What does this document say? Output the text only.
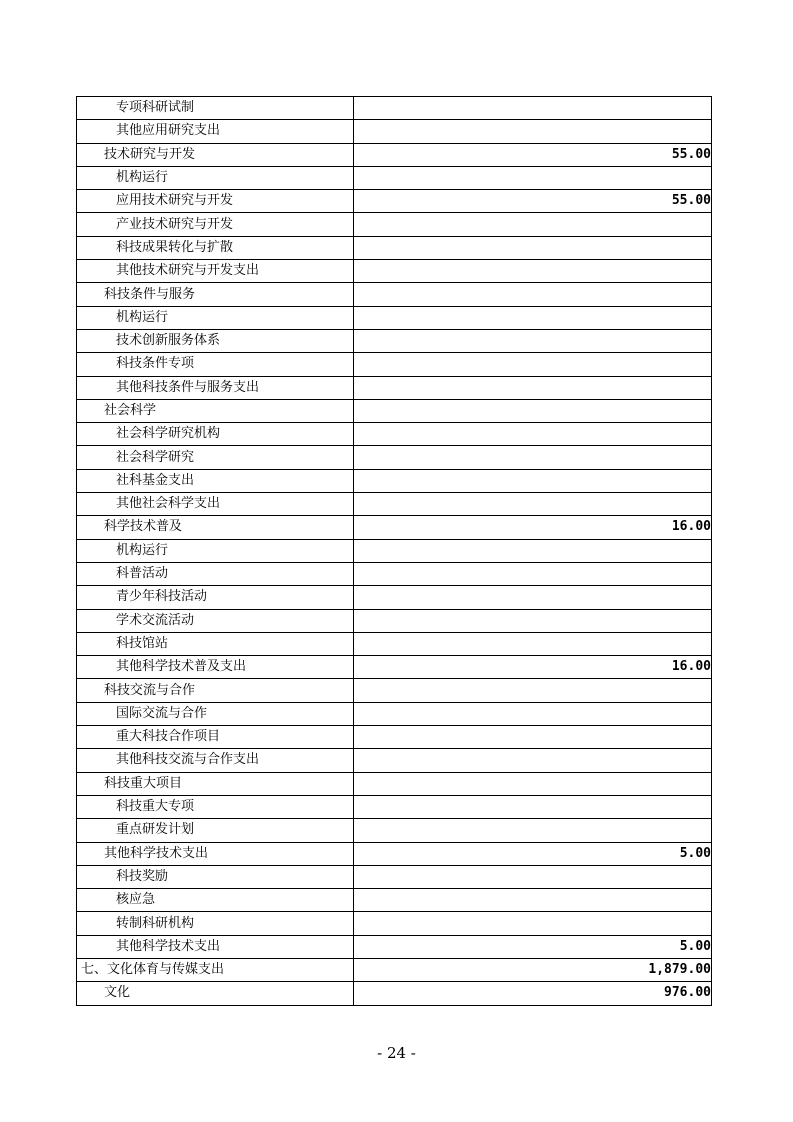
专项科研试制	
其他应用研究支出	
技术研究与开发	55.00
机构运行	
应用技术研究与开发	55.00
产业技术研究与开发	
科技成果转化与扩散	
其他技术研究与开发支出	
科技条件与服务	
机构运行	
技术创新服务体系	
科技条件专项	
其他科技条件与服务支出	
社会科学	
社会科学研究机构	
社会科学研究	
社科基金支出	
其他社会科学支出	
科学技术普及	16.00
机构运行	
科普活动	
青少年科技活动	
学术交流活动	
科技馆站	
其他科学技术普及支出	16.00
科技交流与合作	
国际交流与合作	
重大科技合作项目	
其他科技交流与合作支出	
科技重大项目	
科技重大专项	
重点研发计划	
其他科学技术支出	5.00
科技奖励	
核应急	
转制科研机构	
其他科学技术支出	5.00
七、文化体育与传媒支出	1,879.00
文化	976.00
- 24 -
